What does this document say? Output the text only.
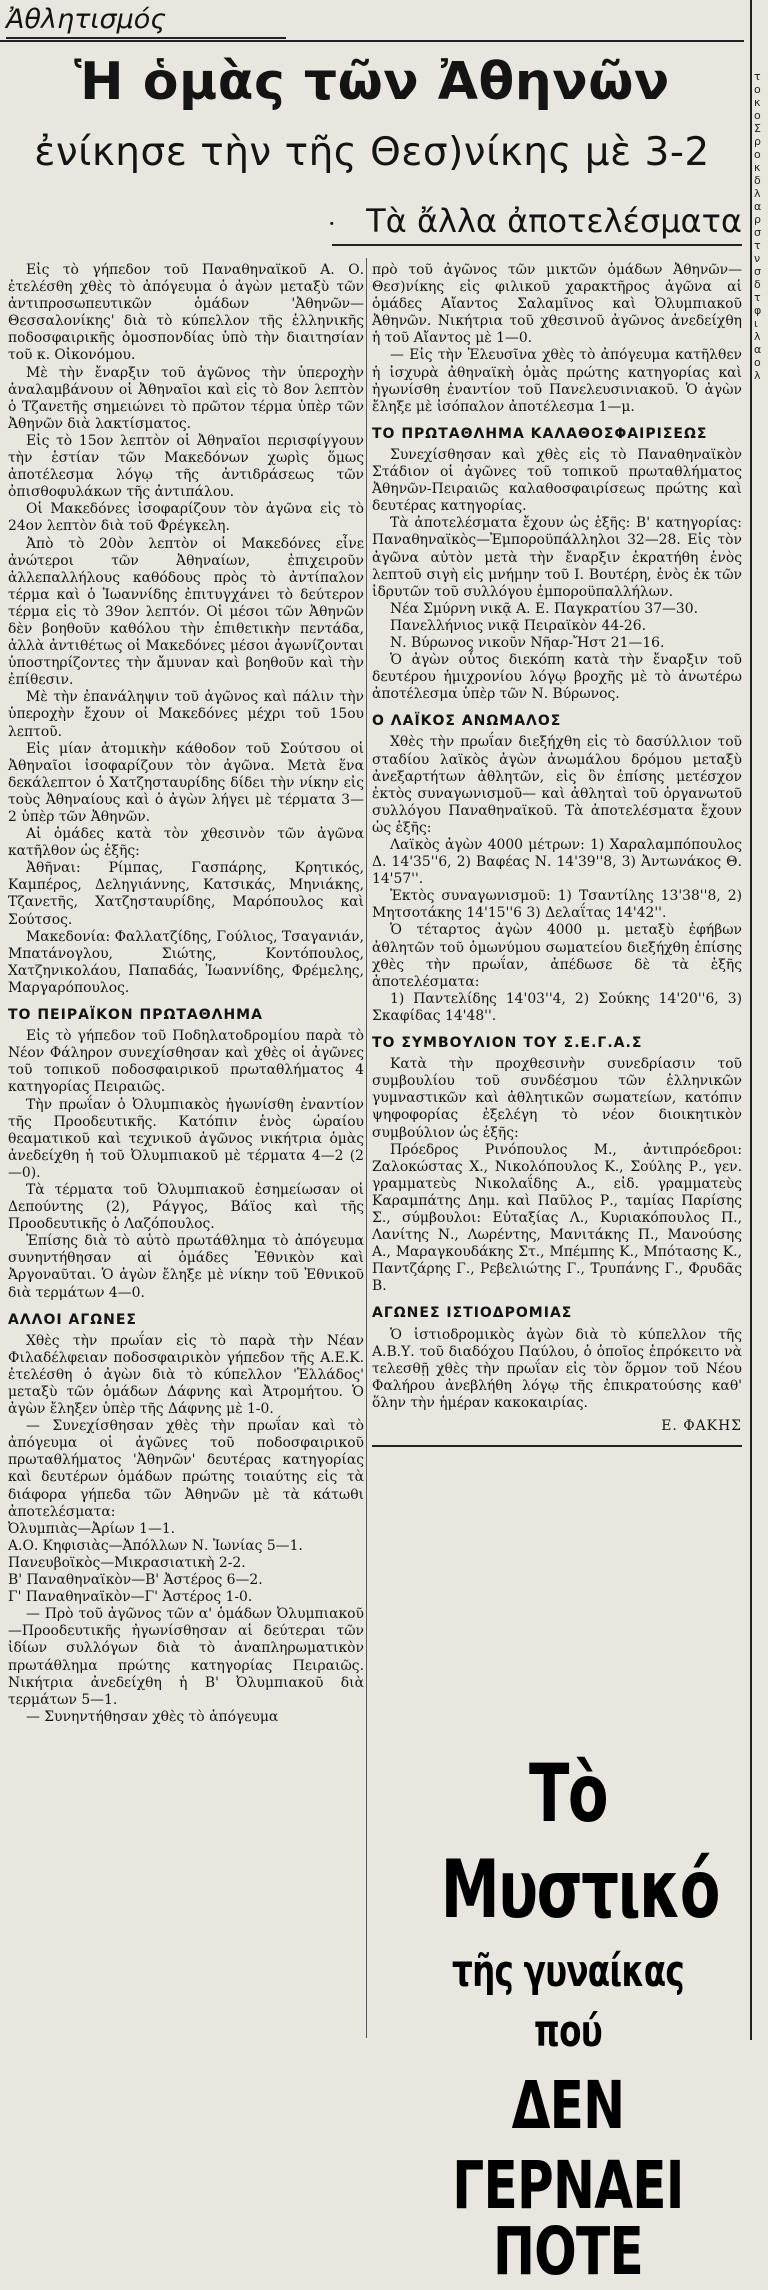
Ἀθλητισμός
Ἡ ὁμὰς τῶν Ἀθηνῶν
ἐνίκησε τὴν τῆς Θεσ)νίκης μὲ 3-2
· Τὰ ἄλλα ἀποτελέσματα

Εἰς τὸ γήπεδον τοῦ Παναθηναϊκοῦ Α. Ο. ἐτελέσθη χθὲς τὸ ἀπόγευμα ὁ ἀγὼν μεταξὺ τῶν ἀντιπροσωπευτικῶν ὁμάδων 'Ἀθηνῶν—Θεσσαλονίκης' διὰ τὸ κύπελλον τῆς ἑλληνικῆς ποδοσφαιρικῆς ὁμοσπονδίας ὑπὸ τὴν διαιτησίαν τοῦ κ. Οἰκονόμου.

Μὲ τὴν ἔναρξιν τοῦ ἀγῶνος τὴν ὑπεροχὴν ἀναλαμβάνουν οἱ Ἀθηναῖοι καὶ εἰς τὸ 8ον λεπτὸν ὁ Τζανετῆς σημειώνει τὸ πρῶτον τέρμα ὑπὲρ τῶν Ἀθηνῶν διὰ λακτίσματος.

Εἰς τὸ 15ον λεπτὸν οἱ Ἀθηναῖοι περισφίγγουν τὴν ἑστίαν τῶν Μακεδόνων χωρὶς ὅμως ἀποτέλεσμα λόγῳ τῆς ἀντιδράσεως τῶν ὀπισθοφυλάκων τῆς ἀντιπάλου.

Οἱ Μακεδόνες ἰσοφαρίζουν τὸν ἀγῶνα εἰς τὸ 24ον λεπτὸν διὰ τοῦ Φρέγκελη.

Ἀπὸ τὸ 20ὸν λεπτὸν οἱ Μακεδόνες εἶνε ἀνώτεροι τῶν Ἀθηναίων, ἐπιχειροῦν ἀλλεπαλλήλους καθόδους πρὸς τὸ ἀντίπαλον τέρμα καὶ ὁ Ἰωαννίδης ἐπιτυγχάνει τὸ δεύτερον τέρμα εἰς τὸ 39ον λεπτόν. Οἱ μέσοι τῶν Ἀθηνῶν δὲν βοηθοῦν καθόλου τὴν ἐπιθετικὴν πεντάδα, ἀλλὰ ἀντιθέτως οἱ Μακεδόνες μέσοι ἀγωνίζονται ὑποστηρίζοντες τὴν ἄμυναν καὶ βοηθοῦν καὶ τὴν ἐπίθεσιν.

Μὲ τὴν ἐπανάληψιν τοῦ ἀγῶνος καὶ πάλιν τὴν ὑπεροχὴν ἔχουν οἱ Μακεδόνες μέχρι τοῦ 15ου λεπτοῦ.

Εἰς μίαν ἀτομικὴν κάθοδον τοῦ Σούτσου οἱ Ἀθηναῖοι ἰσοφαρίζουν τὸν ἀγῶνα. Μετὰ ἕνα δεκάλεπτον ὁ Χατζησταυρίδης δίδει τὴν νίκην εἰς τοὺς Ἀθηναίους καὶ ὁ ἀγὼν λήγει μὲ τέρματα 3—2 ὑπὲρ τῶν Ἀθηνῶν.

Αἱ ὁμάδες κατὰ τὸν χθεσινὸν τῶν ἀγῶνα κατῆλθον ὡς ἑξῆς:

Ἀθῆναι: Ρίμπας, Γασπάρης, Κρητικός, Καμπέρος, Δεληγιάννης, Κατσικάς, Μηνιάκης, Τζανετῆς, Χατζησταυρίδης, Μαρόπουλος καὶ Σούτσος.

Μακεδονία: Φαλλατζίδης, Γούλιος, Τσαγανιάν, Μπατάνογλου, Σιώτης, Κοντόπουλος, Χατζηνικολάου, Παπαδάς, Ἰωαννίδης, Φρέμελης, Μαργαρόπουλος.

ΤΟ ΠΕΙΡΑΪΚΟΝ ΠΡΩΤΑΘΛΗΜΑ

Εἰς τὸ γήπεδον τοῦ Ποδηλατοδρομίου παρὰ τὸ Νέον Φάληρον συνεχίσθησαν καὶ χθὲς οἱ ἀγῶνες τοῦ τοπικοῦ ποδοσφαιρικοῦ πρωταθλήματος 4 κατηγορίας Πειραιῶς.

Τὴν πρωΐαν ὁ Ὀλυμπιακὸς ἠγωνίσθη ἐναντίον τῆς Προοδευτικῆς. Κατόπιν ἑνὸς ὡραίου θεαματικοῦ καὶ τεχνικοῦ ἀγῶνος νικήτρια ὁμὰς ἀνεδείχθη ἡ τοῦ Ὀλυμπιακοῦ μὲ τέρματα 4—2 (2—0).

Τὰ τέρματα τοῦ Ὀλυμπιακοῦ ἐσημείωσαν οἱ Δεπούντης (2), Ράγγος, Βάϊος καὶ τῆς Προοδευτικῆς ὁ Λαζόπουλος.

Ἐπίσης διὰ τὸ αὐτὸ πρωτάθλημα τὸ ἀπόγευμα συνηντήθησαν αἱ ὁμάδες Ἐθνικὸν καὶ Ἀργοναῦται. Ὁ ἀγὼν ἔληξε μὲ νίκην τοῦ Ἐθνικοῦ διὰ τερμάτων 4—0.

ΑΛΛΟΙ ΑΓΩΝΕΣ

Χθὲς τὴν πρωΐαν εἰς τὸ παρὰ τὴν Νέαν Φιλαδέλφειαν ποδοσφαιρικὸν γήπεδον τῆς Α.Ε.Κ. ἐτελέσθη ὁ ἀγὼν διὰ τὸ κύπελλον 'Ἑλλάδος' μεταξὺ τῶν ὁμάδων Δάφνης καὶ Ἀτρομήτου. Ὁ ἀγὼν ἔληξεν ὑπὲρ τῆς Δάφνης μὲ 1-0.

— Συνεχίσθησαν χθὲς τὴν πρωΐαν καὶ τὸ ἀπόγευμα οἱ ἀγῶνες τοῦ ποδοσφαιρικοῦ πρωταθλήματος 'Ἀθηνῶν' δευτέρας κατηγορίας καὶ δευτέρων ὁμάδων πρώτης τοιαύτης εἰς τὰ διάφορα γήπεδα τῶν Ἀθηνῶν μὲ τὰ κάτωθι ἀποτελέσματα:

Ὀλυμπιὰς—Ἀρίων 1—1.

Α.Ο. Κηφισιὰς—Ἀπόλλων Ν. Ἰωνίας 5—1.

Πανευβοϊκὸς—Μικρασιατικὴ 2-2.

Β' Παναθηναϊκὸν—Β' Ἀστέρος 6—2.

Γ' Παναθηναϊκὸν—Γ' Ἀστέρος 1-0.

— Πρὸ τοῦ ἀγῶνος τῶν α' ὁμάδων Ὀλυμπιακοῦ—Προοδευτικῆς ἠγωνίσθησαν αἱ δεύτεραι τῶν ἰδίων συλλόγων διὰ τὸ ἀναπληρωματικὸν πρωτάθλημα πρώτης κατηγορίας Πειραιῶς. Νικήτρια ἀνεδείχθη ἡ Β' Ὀλυμπιακοῦ διὰ τερμάτων 5—1.

— Συνηντήθησαν χθὲς τὸ ἀπόγευμα

πρὸ τοῦ ἀγῶνος τῶν μικτῶν ὁμάδων Ἀθηνῶν—Θεσ)νίκης εἰς φιλικοῦ χαρακτῆρος ἀγῶνα αἱ ὁμάδες Αἴαντος Σαλαμῖνος καὶ Ὀλυμπιακοῦ Ἀθηνῶν. Νικήτρια τοῦ χθεσινοῦ ἀγῶνος ἀνεδείχθη ἡ τοῦ Αἴαντος μὲ 1—0.

— Εἰς τὴν Ἐλευσῖνα χθὲς τὸ ἀπόγευμα κατῆλθεν ἡ ἰσχυρὰ ἀθηναϊκὴ ὁμὰς πρώτης κατηγορίας καὶ ἠγωνίσθη ἐναντίον τοῦ Πανελευσινιακοῦ. Ὁ ἀγὼν ἔληξε μὲ ἰσόπαλον ἀποτέλεσμα 1—μ.

ΤΟ ΠΡΩΤΑΘΛΗΜΑ ΚΑΛΑΘΟΣΦΑΙΡΙΣΕΩΣ

Συνεχίσθησαν καὶ χθὲς εἰς τὸ Παναθηναϊκὸν Στάδιον οἱ ἀγῶνες τοῦ τοπικοῦ πρωταθλήματος Ἀθηνῶν-Πειραιῶς καλαθοσφαιρίσεως πρώτης καὶ δευτέρας κατηγορίας.

Τὰ ἀποτελέσματα ἔχουν ὡς ἑξῆς: Β' κατηγορίας: Παναθηναϊκὸς—Ἐμποροϋπάλληλοι 32—28. Εἰς τὸν ἀγῶνα αὐτὸν μετὰ τὴν ἔναρξιν ἐκρατήθη ἑνὸς λεπτοῦ σιγὴ εἰς μνήμην τοῦ Ι. Βουτέρη, ἑνὸς ἐκ τῶν ἱδρυτῶν τοῦ συλλόγου ἐμποροϋπαλλήλων.

Νέα Σμύρνη νικᾷ Α. Ε. Παγκρατίου 37—30.

Πανελλήνιος νικᾷ Πειραϊκὸν 44-26.

Ν. Βύρωνος νικοῦν Νῆαρ-Ἤστ 21—16.

Ὁ ἀγὼν οὗτος διεκόπη κατὰ τὴν ἔναρξιν τοῦ δευτέρου ἡμιχρονίου λόγῳ βροχῆς μὲ τὸ ἀνωτέρω ἀποτέλεσμα ὑπὲρ τῶν Ν. Βύρωνος.

Ο ΛΑΪΚΟΣ ΑΝΩΜΑΛΟΣ

Χθὲς τὴν πρωΐαν διεξήχθη εἰς τὸ δασύλλιον τοῦ σταδίου λαϊκὸς ἀγὼν ἀνωμάλου δρόμου μεταξὺ ἀνεξαρτήτων ἀθλητῶν, εἰς ὃν ἐπίσης μετέσχον ἐκτὸς συναγωνισμοῦ— καὶ ἀθληταὶ τοῦ ὀργανωτοῦ συλλόγου Παναθηναϊκοῦ. Τὰ ἀποτελέσματα ἔχουν ὡς ἑξῆς:

Λαϊκὸς ἀγὼν 4000 μέτρων: 1) Χαραλαμπόπουλος Δ. 14'35''6, 2) Βαφέας Ν. 14'39''8, 3) Ἀντωνάκος Θ. 14'57''.

Ἐκτὸς συναγωνισμοῦ: 1) Τσαντίλης 13'38''8, 2) Μητσοτάκης 14'15''6 3) Δελαΐτας 14'42''.

Ὁ τέταρτος ἀγὼν 4000 μ. μεταξὺ ἐφήβων ἀθλητῶν τοῦ ὁμωνύμου σωματείου διεξήχθη ἐπίσης χθὲς τὴν πρωΐαν, ἀπέδωσε δὲ τὰ ἑξῆς ἀποτελέσματα:

1) Παντελίδης 14'03''4, 2) Σούκης 14'20''6, 3) Σκαφίδας 14'48''.

ΤΟ ΣΥΜΒΟΥΛΙΟΝ ΤΟΥ Σ.Ε.Γ.Α.Σ

Κατὰ τὴν προχθεσινὴν συνεδρίασιν τοῦ συμβουλίου τοῦ συνδέσμου τῶν ἑλληνικῶν γυμναστικῶν καὶ ἀθλητικῶν σωματείων, κατόπιν ψηφοφορίας ἐξελέγη τὸ νέον διοικητικὸν συμβούλιον ὡς ἑξῆς:

Πρόεδρος Ρινόπουλος Μ., ἀντιπρόεδροι: Ζαλοκώστας Χ., Νικολόπουλος Κ., Σούλης Ρ., γεν. γραμματεὺς Νικολαΐδης Α., εἰδ. γραμματεὺς Καραμπάτης Δημ. καὶ Παῦλος Ρ., ταμίας Παρίσης Σ., σύμβουλοι: Εὐταξίας Λ., Κυριακόπουλος Π., Λανίτης Ν., Λωρέντης, Μανιτάκης Π., Μανούσης Α., Μαραγκουδάκης Στ., Μπέμπης Κ., Μπότασης Κ., Παντζάρης Γ., Ρεβελιώτης Γ., Τρυπάνης Γ., Φρυδᾶς Β.

ΑΓΩΝΕΣ ΙΣΤΙΟΔΡΟΜΙΑΣ

Ὁ ἱστιοδρομικὸς ἀγὼν διὰ τὸ κύπελλον τῆς Α.Β.Υ. τοῦ διαδόχου Παύλου, ὁ ὁποῖος ἐπρόκειτο νὰ τελεσθῇ χθὲς τὴν πρωΐαν εἰς τὸν ὅρμον τοῦ Νέου Φαλήρου ἀνεβλήθη λόγῳ τῆς ἐπικρατούσης καθ' ὅλην τὴν ἡμέραν κακοκαιρίας.

Ε. ΦΑΚΗΣ
Τὸ Μυστικό
τῆς γυναίκας πού
ΔΕΝ ΓΕΡΝΑΕΙ
ΠΟΤΕ
τ
ο
κ
ο
Σ
ρ
ο
κ
δ
λ
α
ρ
σ
τ
ν
σ
δ
τ
φ
ι
λ
α
ο
λ
